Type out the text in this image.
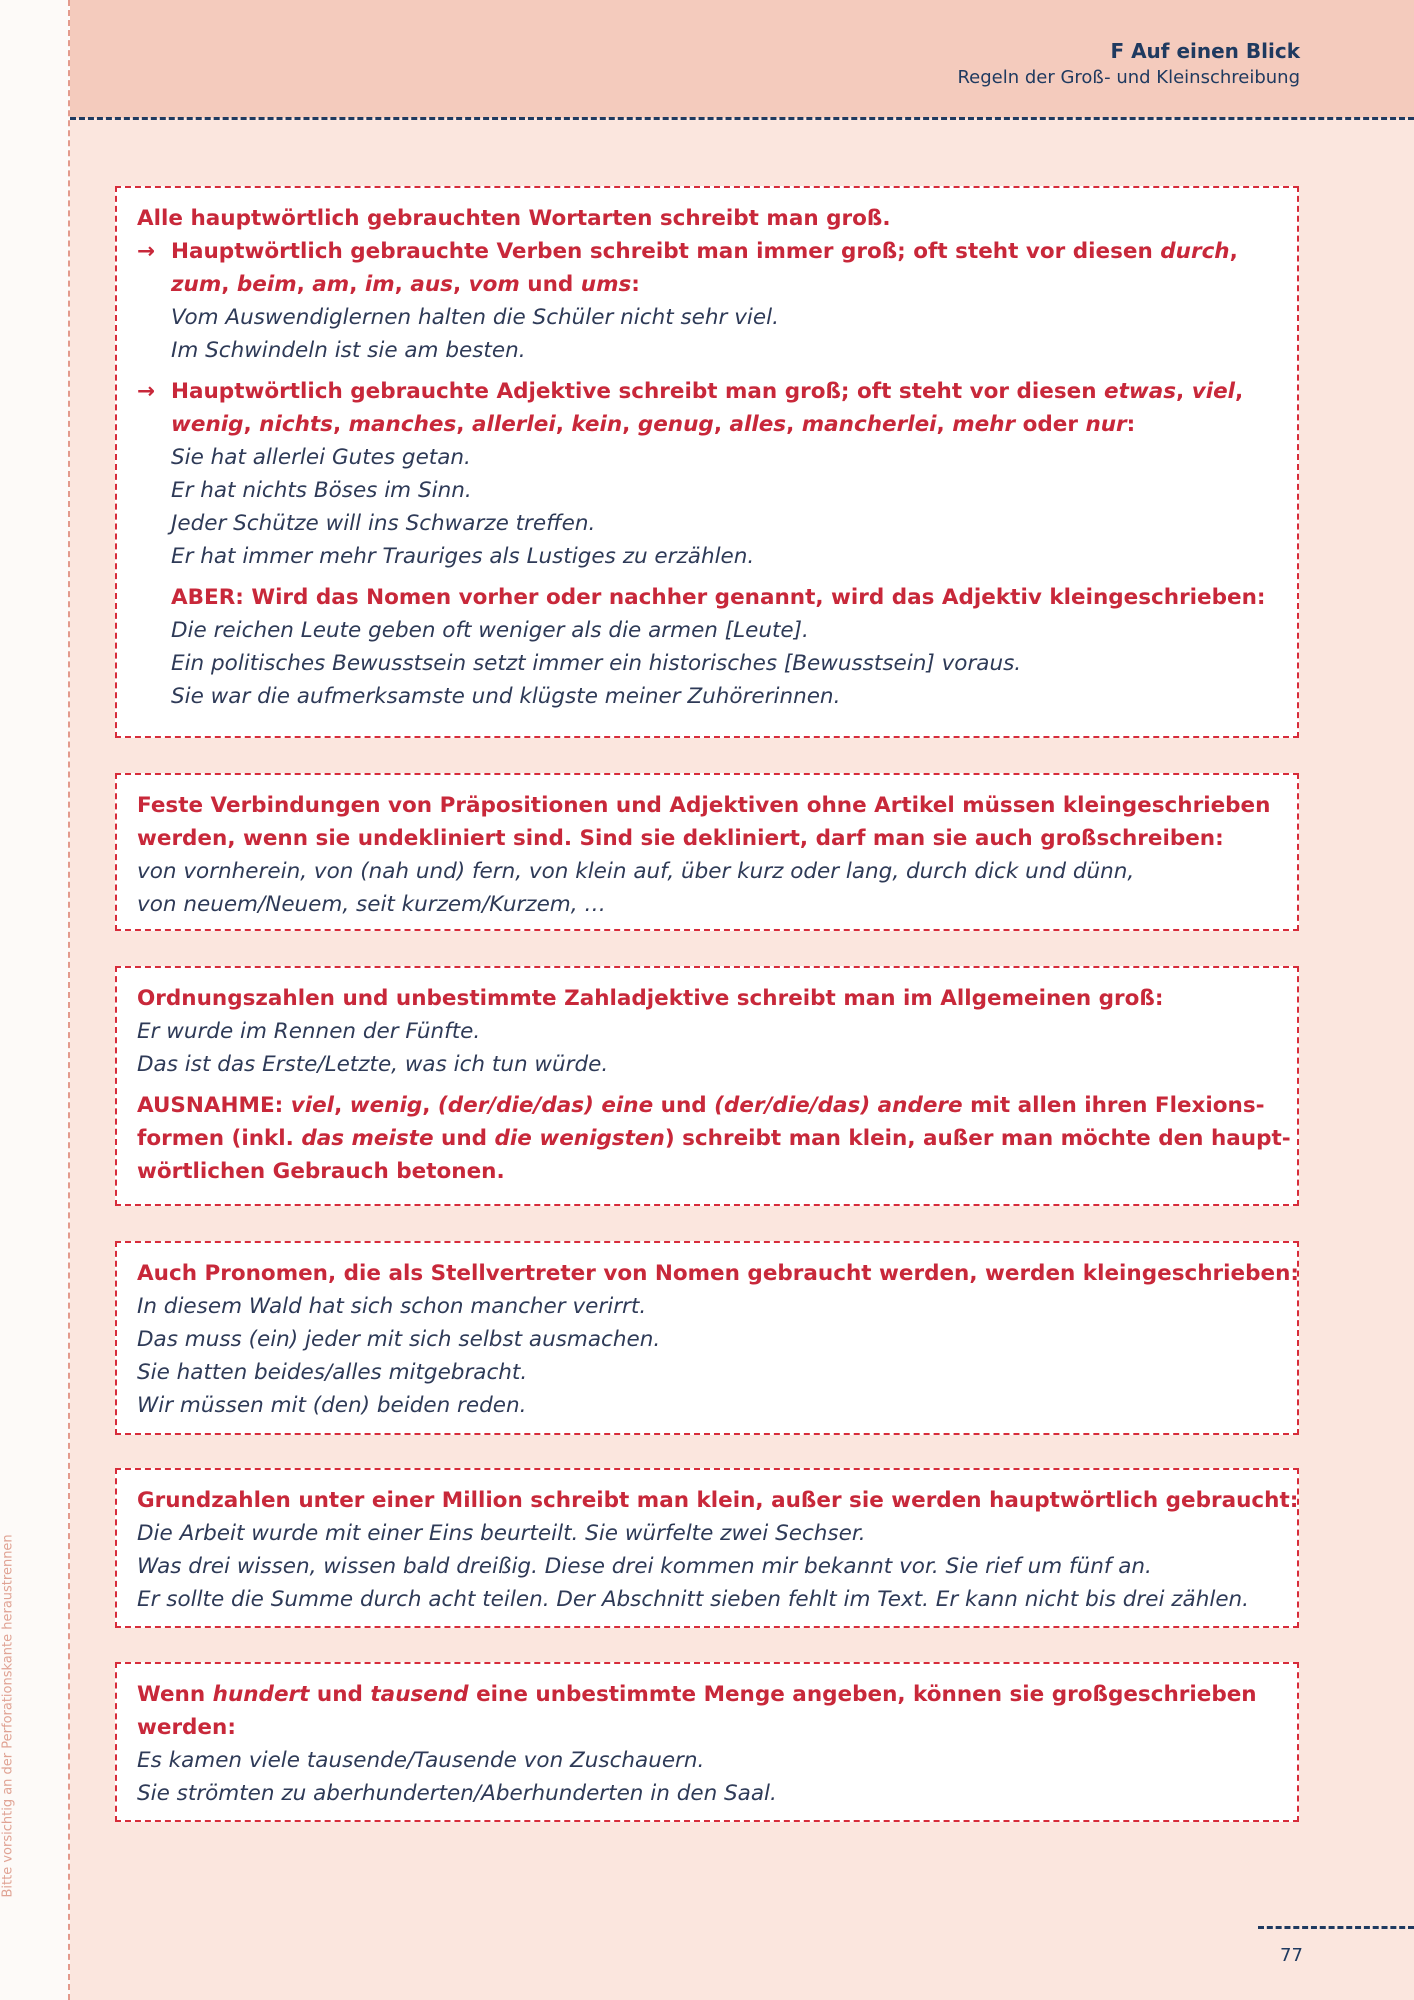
Bitte vorsichtig an der Perforationskante heraustrennen
F Auf einen Blick
Regeln der Groß- und Kleinschreibung
Alle hauptwörtlich gebrauchten Wortarten schreibt man groß.
→ Hauptwörtlich gebrauchte Verben schreibt man immer groß; oft steht vor diesen durch,
zum, beim, am, im, aus, vom und ums:
Vom Auswendiglernen halten die Schüler nicht sehr viel.
Im Schwindeln ist sie am besten.
→ Hauptwörtlich gebrauchte Adjektive schreibt man groß; oft steht vor diesen etwas, viel,
wenig, nichts, manches, allerlei, kein, genug, alles, mancherlei, mehr oder nur:
Sie hat allerlei Gutes getan.
Er hat nichts Böses im Sinn.
Jeder Schütze will ins Schwarze treffen.
Er hat immer mehr Trauriges als Lustiges zu erzählen.
ABER: Wird das Nomen vorher oder nachher genannt, wird das Adjektiv kleingeschrieben:
Die reichen Leute geben oft weniger als die armen [Leute].
Ein politisches Bewusstsein setzt immer ein historisches [Bewusstsein] voraus.
Sie war die aufmerksamste und klügste meiner Zuhörerinnen.
Feste Verbindungen von Präpositionen und Adjektiven ohne Artikel müssen kleingeschrieben
werden, wenn sie undekliniert sind. Sind sie dekliniert, darf man sie auch großschreiben:
von vornherein, von (nah und) fern, von klein auf, über kurz oder lang, durch dick und dünn,
von neuem/Neuem, seit kurzem/Kurzem, …
Ordnungszahlen und unbestimmte Zahladjektive schreibt man im Allgemeinen groß:
Er wurde im Rennen der Fünfte.
Das ist das Erste/Letzte, was ich tun würde.
AUSNAHME: viel, wenig, (der/die/das) eine und (der/die/das) andere mit allen ihren Flexions-
formen (inkl. das meiste und die wenigsten) schreibt man klein, außer man möchte den haupt-
wörtlichen Gebrauch betonen.
Auch Pronomen, die als Stellvertreter von Nomen gebraucht werden, werden kleingeschrieben:
In diesem Wald hat sich schon mancher verirrt.
Das muss (ein) jeder mit sich selbst ausmachen.
Sie hatten beides/alles mitgebracht.
Wir müssen mit (den) beiden reden.
Grundzahlen unter einer Million schreibt man klein, außer sie werden hauptwörtlich gebraucht:
Die Arbeit wurde mit einer Eins beurteilt. Sie würfelte zwei Sechser.
Was drei wissen, wissen bald dreißig. Diese drei kommen mir bekannt vor. Sie rief um fünf an.
Er sollte die Summe durch acht teilen. Der Abschnitt sieben fehlt im Text. Er kann nicht bis drei zählen.
Wenn hundert und tausend eine unbestimmte Menge angeben, können sie großgeschrieben
werden:
Es kamen viele tausende/Tausende von Zuschauern.
Sie strömten zu aberhunderten/Aberhunderten in den Saal.
77
